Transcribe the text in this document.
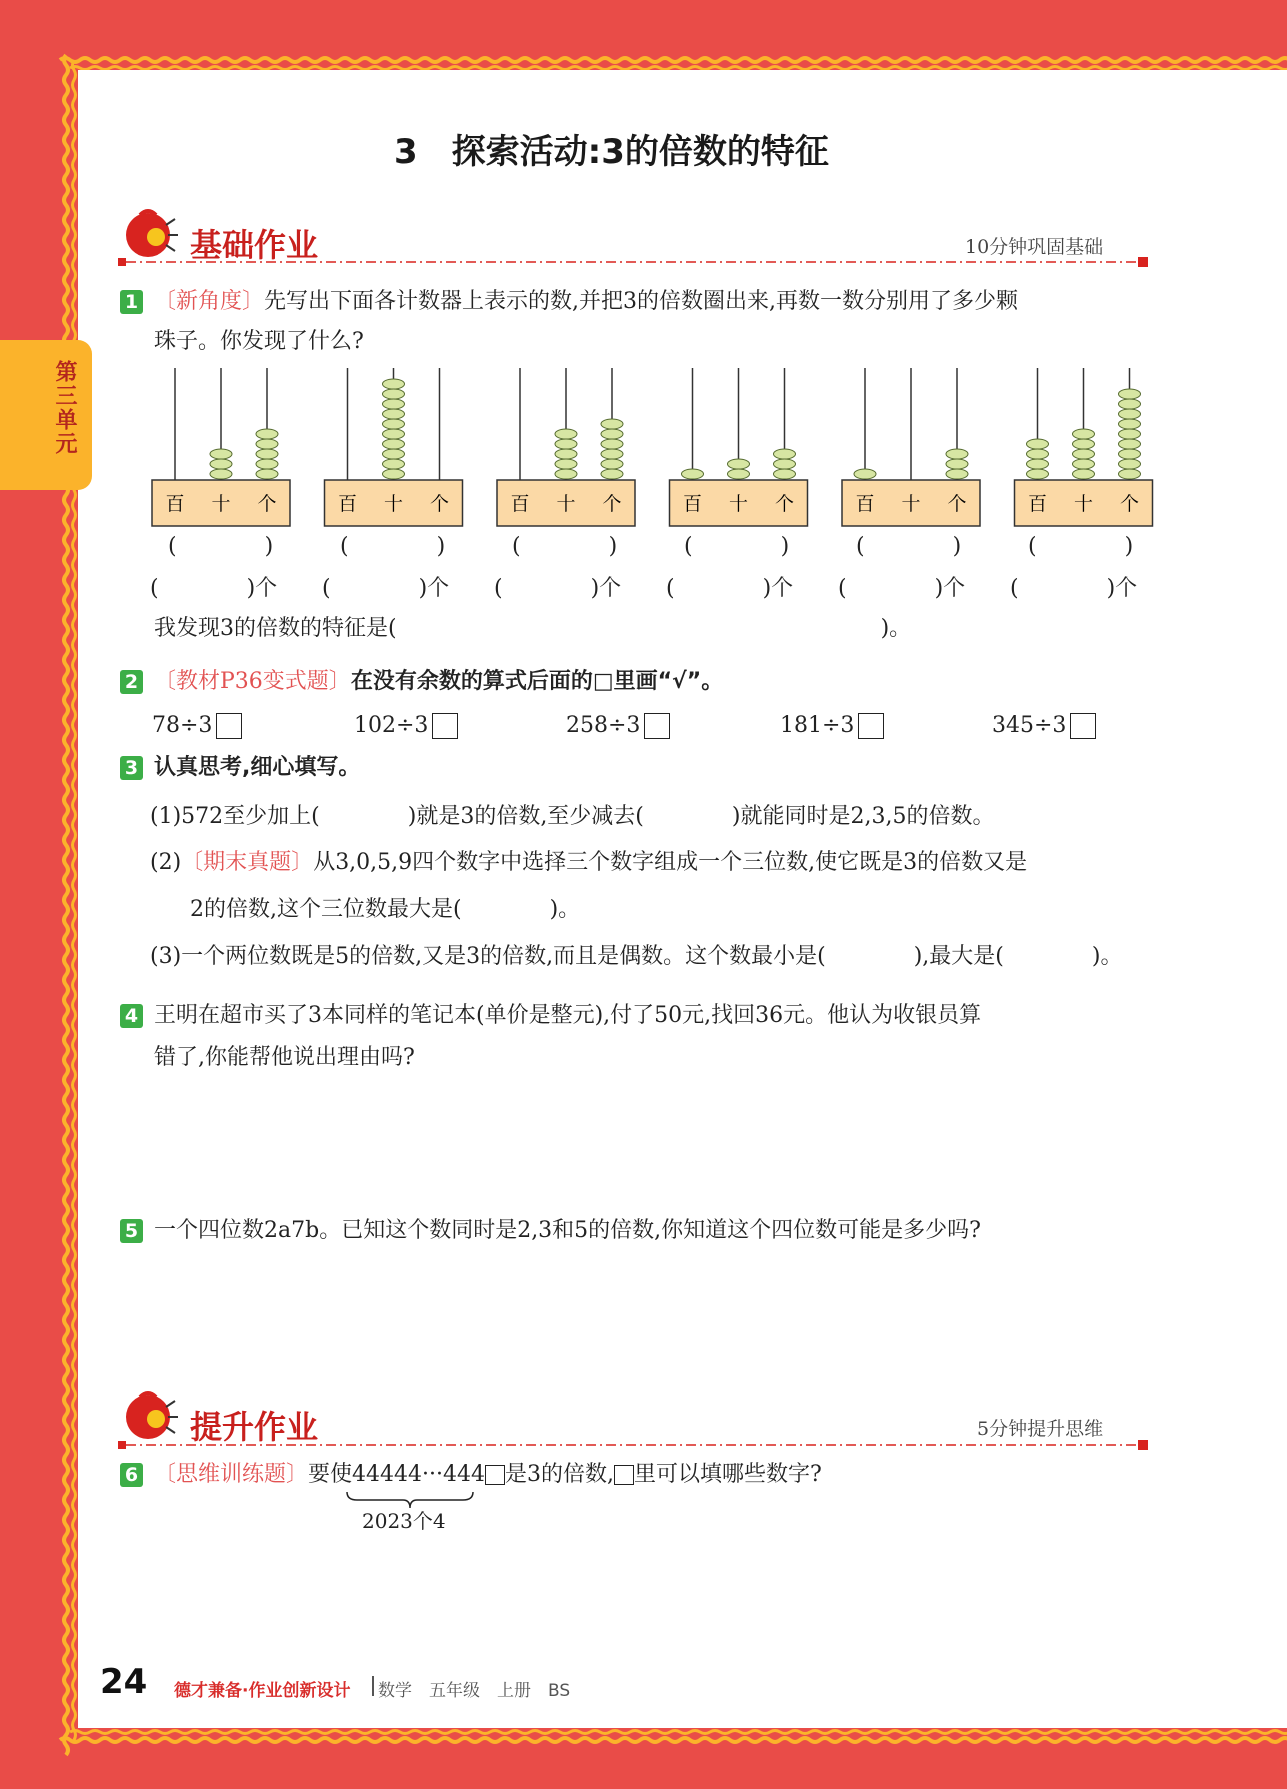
第三单元
3　探索活动:3的倍数的特征
基础作业	10分钟巩固基础
1 〔新角度〕先写出下面各计数器上表示的数,并把3的倍数圈出来,再数一数分别用了多少颗
珠子。你发现了什么?
百 十 个	百 十 个	百 十 个	百 十 个	百 十 个	百 十 个
(　　　　)
(　　　　)个
(　　　　)
(　　　　)个
(　　　　)
(　　　　)个
(　　　　)
(　　　　)个
(　　　　)
(　　　　)个
(　　　　)
(　　　　)个
我发现3的倍数的特征是(　　　　　　　　　　　　　　　　　　　　　　)。
2 〔教材P36变式题〕在没有余数的算式后面的□里画“√”。
78÷3	102÷3	258÷3	181÷3	345÷3
3 认真思考,细心填写。
(1)572至少加上(　　　　)就是3的倍数,至少减去(　　　　)就能同时是2,3,5的倍数。
(2)〔期末真题〕从3,0,5,9四个数字中选择三个数字组成一个三位数,使它既是3的倍数又是
2的倍数,这个三位数最大是(　　　　)。
(3)一个两位数既是5的倍数,又是3的倍数,而且是偶数。这个数最小是(　　　　),最大是(　　　　)。
4 王明在超市买了3本同样的笔记本(单价是整元),付了50元,找回36元。他认为收银员算
错了,你能帮他说出理由吗?
5 一个四位数2a7b。已知这个数同时是2,3和5的倍数,你知道这个四位数可能是多少吗?
提升作业	5分钟提升思维
6 〔思维训练题〕要使44444···444 是3的倍数, 里可以填哪些数字?
2023个4
24 德才兼备·作业创新设计 数学　五年级　上册　BS
